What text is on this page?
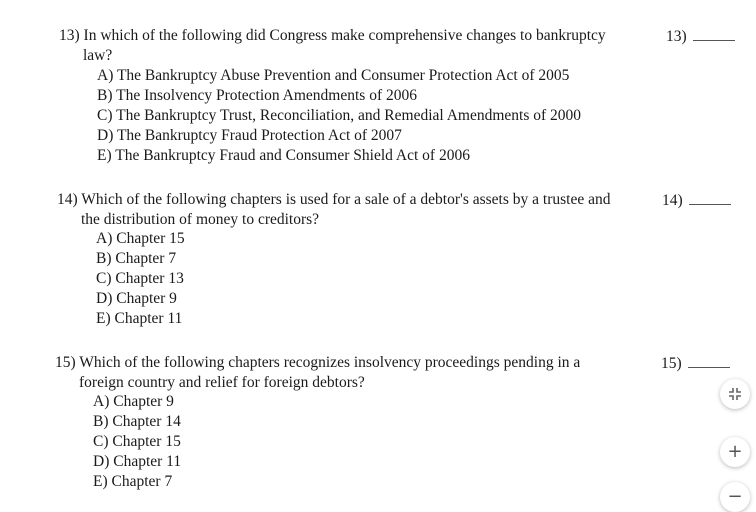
13) In which of the following did Congress make comprehensive changes to bankruptcy
law?
A) The Bankruptcy Abuse Prevention and Consumer Protection Act of 2005
B) The Insolvency Protection Amendments of 2006
C) The Bankruptcy Trust, Reconciliation, and Remedial Amendments of 2000
D) The Bankruptcy Fraud Protection Act of 2007
E) The Bankruptcy Fraud and Consumer Shield Act of 2006
13)
14) Which of the following chapters is used for a sale of a debtor's assets by a trustee and
the distribution of money to creditors?
A) Chapter 15
B) Chapter 7
C) Chapter 13
D) Chapter 9
E) Chapter 11
14)
15) Which of the following chapters recognizes insolvency proceedings pending in a
foreign country and relief for foreign debtors?
A) Chapter 9
B) Chapter 14
C) Chapter 15
D) Chapter 11
E) Chapter 7
15)
+
−
